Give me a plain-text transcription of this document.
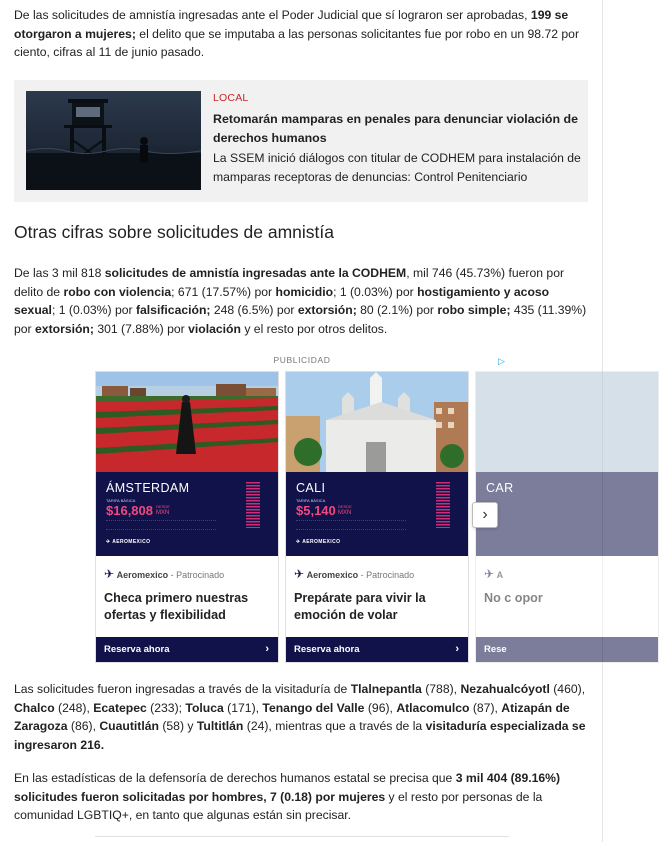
De las solicitudes de amnistía ingresadas ante el Poder Judicial que sí lograron ser aprobadas, 199 se otorgaron a mujeres; el delito que se imputaba a las personas solicitantes fue por robo en un 98.72 por ciento, cifras al 11 de junio pasado.

LOCAL

Retomarán mamparas en penales para denunciar violación de derechos humanos

La SSEM inició diálogos con titular de CODHEM para instalación de mamparas receptoras de denuncias: Control Penitenciario

Otras cifras sobre solicitudes de amnistía

De las 3 mil 818 solicitudes de amnistía ingresadas ante la CODHEM, mil 746 (45.73%) fueron por delito de robo con violencia; 671 (17.57%) por homicidio; 1 (0.03%) por hostigamiento y acoso sexual; 1 (0.03%) por falsificación; 248 (6.5%) por extorsión; 80 (2.1%) por robo simple; 435 (11.39%) por extorsión; 301 (7.88%) por violación y el resto por otros delitos.

PUBLICIDAD	▷
ÁMSTERDAM
TARIFA BÁSICA
$16,808 DESDE
MXN
✈ AEROMEXICO
✈ Aeromexico - Patrocinado

Checa primero nuestras ofertas y flexibilidad

Reserva ahora	›
CALI
TARIFA BÁSICA
$5,140 DESDE
MXN
✈ AEROMEXICO
✈ Aeromexico - Patrocinado

Prepárate para vivir la emoción de volar

Reserva ahora	›
CAR
✈ A

No c opor

Rese
›

Las solicitudes fueron ingresadas a través de la visitaduría de Tlalnepantla (788), Nezahualcóyotl (460), Chalco (248), Ecatepec (233); Toluca (171), Tenango del Valle (96), Atlacomulco (87), Atizapán de Zaragoza (86), Cuautitlán (58) y Tultitlán (24), mientras que a través de la visitaduría especializada se ingresaron 216.

En las estadísticas de la defensoría de derechos humanos estatal se precisa que 3 mil 404 (89.16%) solicitudes fueron solicitadas por hombres, 7 (0.18) por mujeres y el resto por personas de la comunidad LGBTIQ+, en tanto que algunas están sin precisar.
